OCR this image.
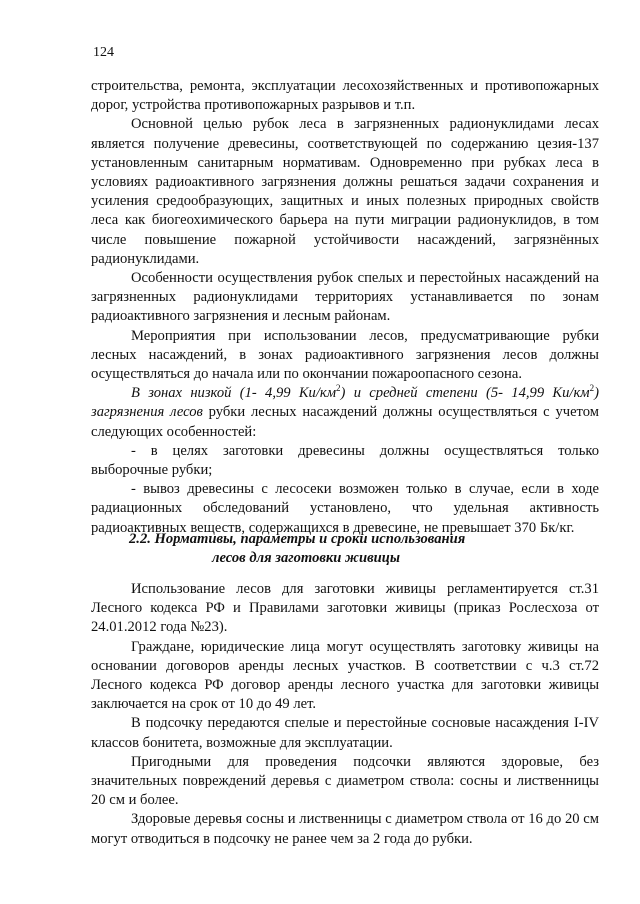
124

строительства, ремонта, эксплуатации лесохозяйственных и противопожарных дорог, устройства противопожарных разрывов и т.п.

Основной целью рубок леса в загрязненных радионуклидами лесах является получение древесины, соответствующей по содержанию цезия-137 установленным санитарным нормативам. Одновременно при рубках леса в условиях радиоактивного загрязнения должны решаться задачи сохранения и усиления средообразующих, защитных и иных полезных природных свойств леса как биогеохимического барьера на пути миграции радионуклидов, в том числе повышение пожарной устойчивости насаждений, загрязнённых радионуклидами.

Особенности осуществления рубок спелых и перестойных насаждений на загрязненных радионуклидами территориях устанавливается по зонам радиоактивного загрязнения и лесным районам.

Мероприятия при использовании лесов, предусматривающие рубки лесных насаждений, в зонах радиоактивного загрязнения лесов должны осуществляться до начала или по окончании пожароопасного сезона.

В зонах низкой (1- 4,99 $Ки/км^2$) и средней степени (5- 14,99 $Ки/км^2$) загрязнения лесов рубки лесных насаждений должны осуществляться с учетом следующих особенностей:

- в целях заготовки древесины должны осуществляться только выборочные рубки;

- вывоз древесины с лесосеки возможен только в случае, если в ходе радиационных обследований установлено, что удельная активность радиоактивных веществ, содержащихся в древесине, не превышает 370 Бк/кг.

2.2. Нормативы, параметры и сроки использования
лесов для заготовки живицы

Использование лесов для заготовки живицы регламентируется ст.31 Лесного кодекса РФ и Правилами заготовки живицы (приказ Рослесхоза от 24.01.2012 года №23).

Граждане, юридические лица могут осуществлять заготовку живицы на основании договоров аренды лесных участков. В соответствии с ч.3 ст.72 Лесного кодекса РФ договор аренды лесного участка для заготовки живицы заключается на срок от 10 до 49 лет.

В подсочку передаются спелые и перестойные сосновые насаждения I-IV классов бонитета, возможные для эксплуатации.

Пригодными для проведения подсочки являются здоровые, без значительных повреждений деревья с диаметром ствола: сосны и лиственницы 20 см и более.

Здоровые деревья сосны и лиственницы с диаметром ствола от 16 до 20 см могут отводиться в подсочку не ранее чем за 2 года до рубки.
